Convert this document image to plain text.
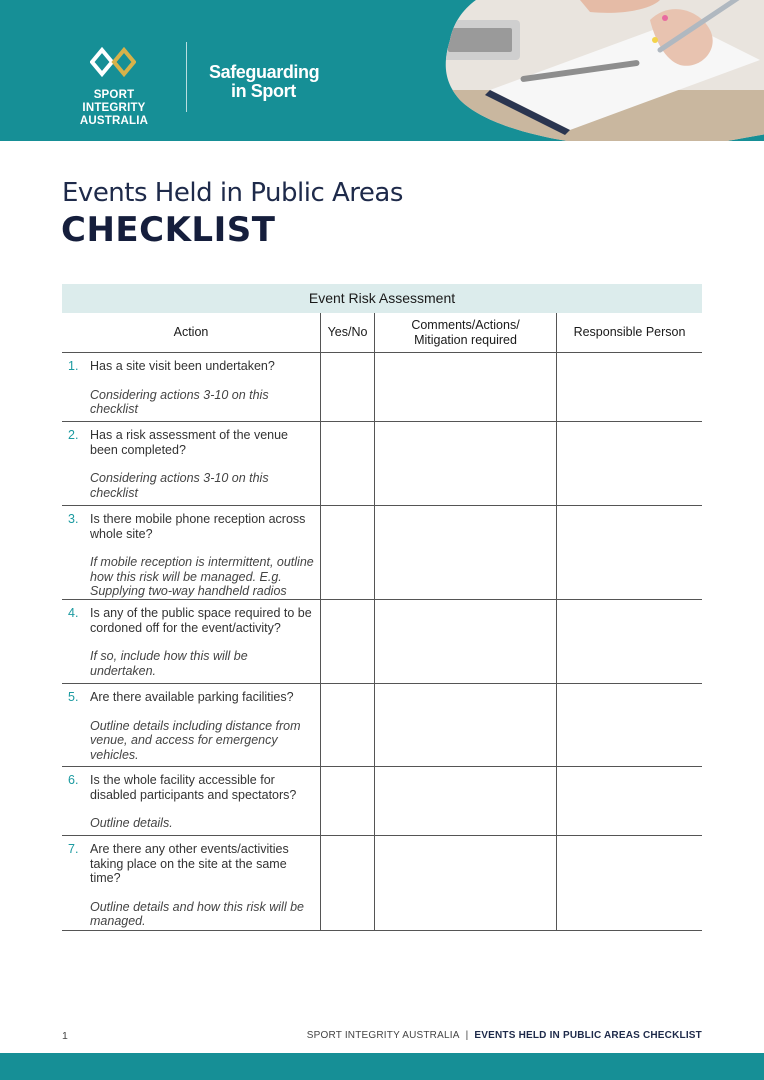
SPORT INTEGRITY
AUSTRALIA
Safeguarding
in Sport
Events Held in Public Areas
CHECKLIST
Event Risk Assessment
Action	Yes/No
Comments/Actions/
Mitigation required
Responsible Person
1. Has a site visit been undertaken?
Considering actions 3-10 on this checklist
2. Has a risk assessment of the venue been completed?
Considering actions 3-10 on this checklist
3. Is there mobile phone reception across whole site?
If mobile reception is intermittent, outline how this risk will be managed. E.g. Supplying two-way handheld radios
4. Is any of the public space required to be cordoned off for the event/activity?
If so, include how this will be undertaken.
5. Are there available parking facilities?
Outline details including distance from venue, and access for emergency vehicles.
6. Is the whole facility accessible for disabled participants and spectators?
Outline details.
7. Are there any other events/activities taking place on the site at the same time?
Outline details and how this risk will be managed.
1	SPORT INTEGRITY AUSTRALIA | EVENTS HELD IN PUBLIC AREAS CHECKLIST
